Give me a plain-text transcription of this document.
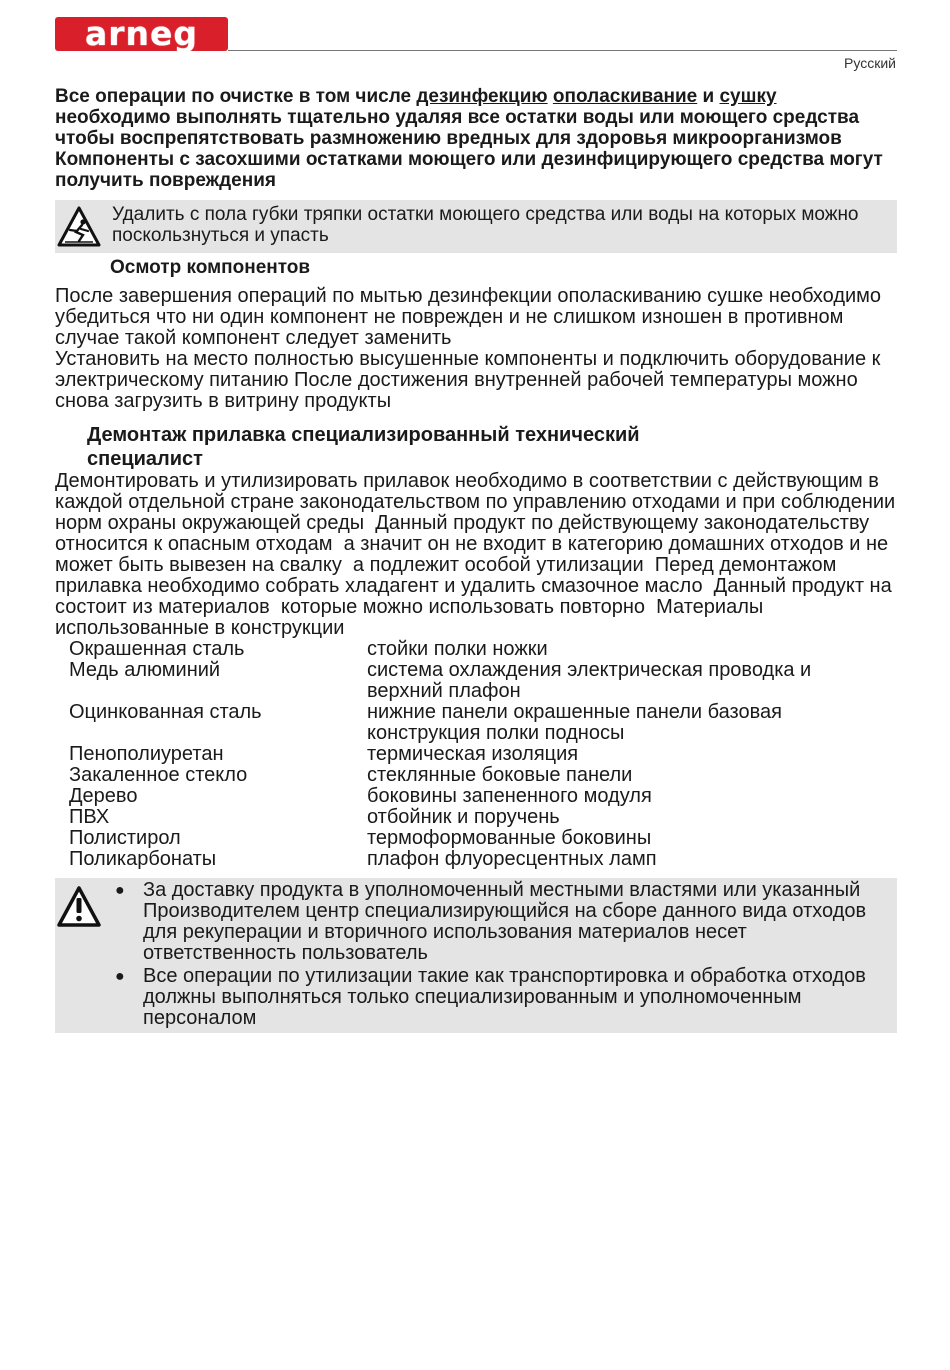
arneg
Русский

Все операции по очистке в том числе дезинфекцию ополаскивание и сушку необходимо выполнять тщательно удаляя все остатки воды или моющего средства чтобы воспрепятствовать размножению вредных для здоровья микроорганизмов Компоненты с засохшими остатками моющего или дезинфицирующего средства могут получить повреждения

Удалить с пола губки тряпки остатки моющего средства или воды на которых можно поскользнуться и упасть
Осмотр компонентов

После завершения операций по мытью дезинфекции ополаскиванию сушке необходимо убедиться что ни один компонент не поврежден и не слишком изношен в противном случае такой компонент следует заменить

Установить на место полностью высушенные компоненты и подключить оборудование к электрическому питанию После достижения внутренней рабочей температуры можно снова загрузить в витрину продукты

Демонтаж прилавка специализированный технический
специалист

Демонтировать и утилизировать прилавок необходимо в соответствии с действующим в каждой отдельной стране законодательством по управлению отходами и при соблюдении норм охраны окружающей среды  Данный продукт по действующему законодательству относится к опасным отходам  а значит он не входит в категорию домашних отходов и не может быть вывезен на свалку  а подлежит особой утилизации  Перед демонтажом прилавка необходимо собрать хладагент и удалить смазочное масло  Данный продукт на          состоит из материалов  которые можно использовать повторно  Материалы использованные в конструкции

Окрашенная сталь	стойки полки ножки
Медь алюминий	система охлаждения электрическая проводка и верхний плафон
Оцинкованная сталь	нижние панели окрашенные панели базовая конструкция полки подносы
Пенополиуретан	термическая изоляция
Закаленное стекло	стеклянные боковые панели
Дерево	боковины запененного модуля
ПВХ	отбойник и поручень
Полистирол	термоформованные боковины
Поликарбонаты	плафон флуоресцентных ламп
● За доставку продукта в уполномоченный местными властями или указанный Производителем центр специализирующийся на сборе данного вида отходов для рекуперации и вторичного использования материалов несет ответственность пользователь
● Все операции по утилизации такие как транспортировка и обработка отходов должны выполняться только специализированным и уполномоченным персоналом
